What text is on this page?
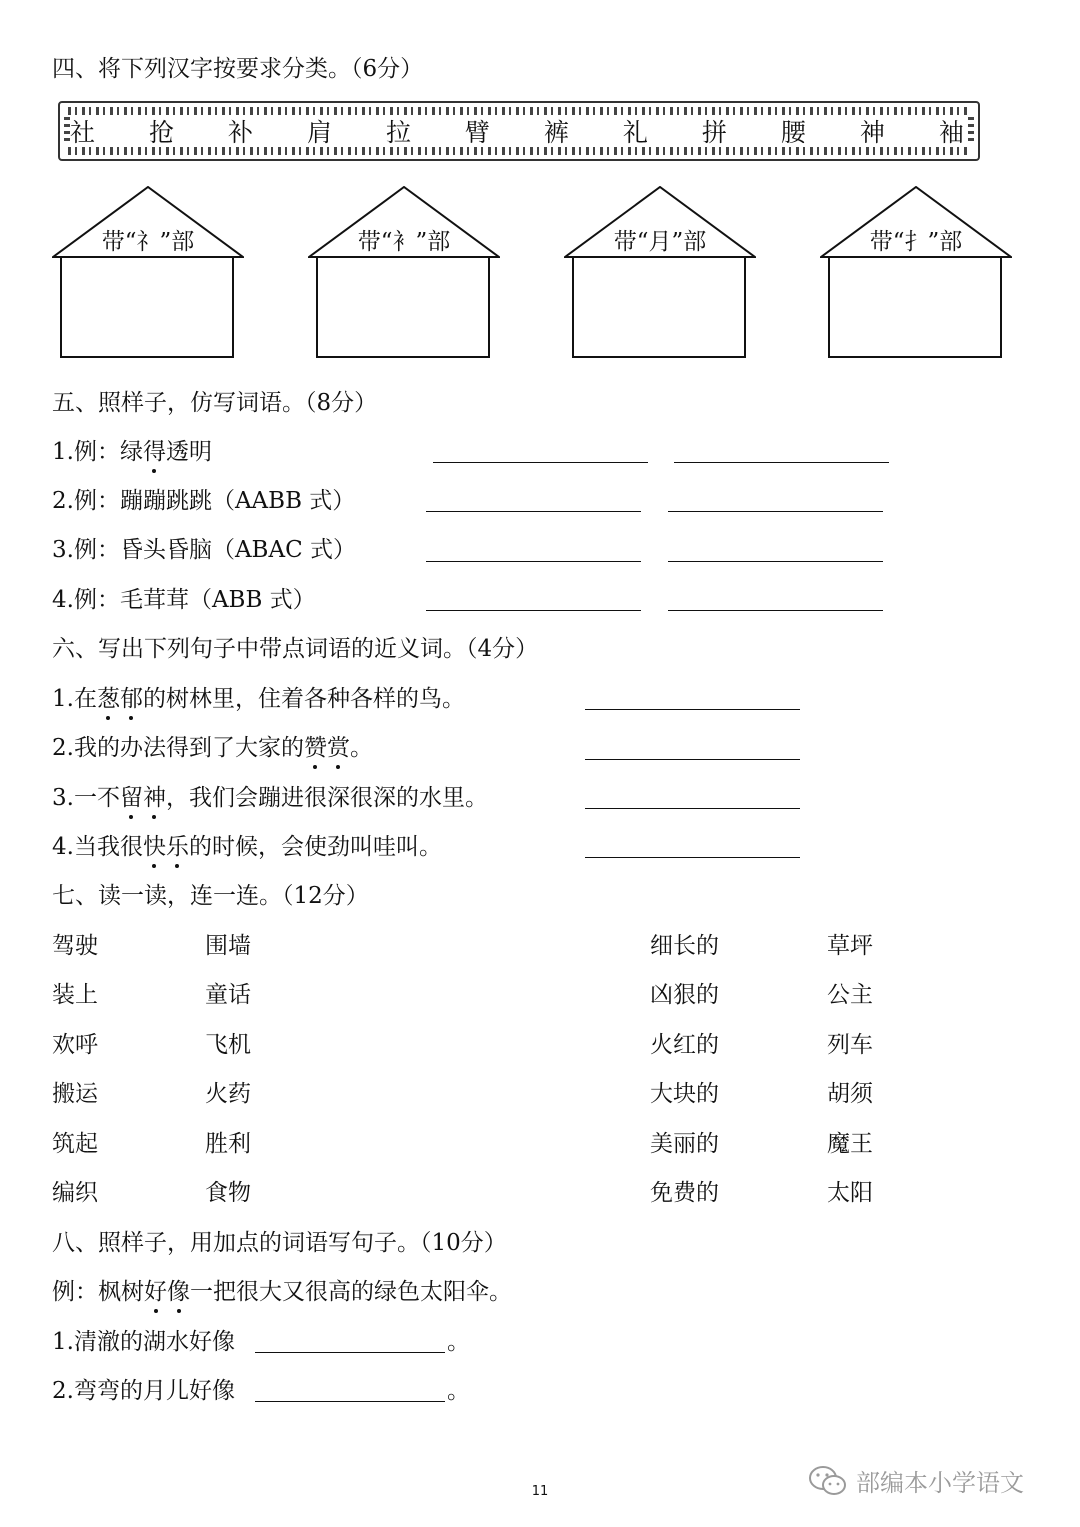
四、将下列汉字按要求分类。（6分）
社 抢 补 肩 拉 臂 裤 礼 拼 腰 神 袖
带“礻”部	带“衤”部	带“月”部	带“扌”部
五、照样子，仿写词语。（8分）
1.例：绿得透明
2.例：蹦蹦跳跳（AABB 式）
3.例：昏头昏脑（ABAC 式）
4.例：毛茸茸（ABB 式）
六、写出下列句子中带点词语的近义词。（4分）
1.在葱郁的树林里，住着各种各样的鸟。
2.我的办法得到了大家的赞赏。
3.一不留神，我们会蹦进很深很深的水里。
4.当我很快乐的时候，会使劲叫哇叫。
七、读一读，连一连。（12分）
驾驶	围墙	细长的	草坪
装上	童话	凶狠的	公主
欢呼	飞机	火红的	列车
搬运	火药	大块的	胡须
筑起	胜利	美丽的	魔王
编织	食物	免费的	太阳
八、照样子，用加点的词语写句子。（10分）
例：枫树好像一把很大又很高的绿色太阳伞。
1.清澈的湖水好像	。
2.弯弯的月儿好像	。
11	部编本小学语文
